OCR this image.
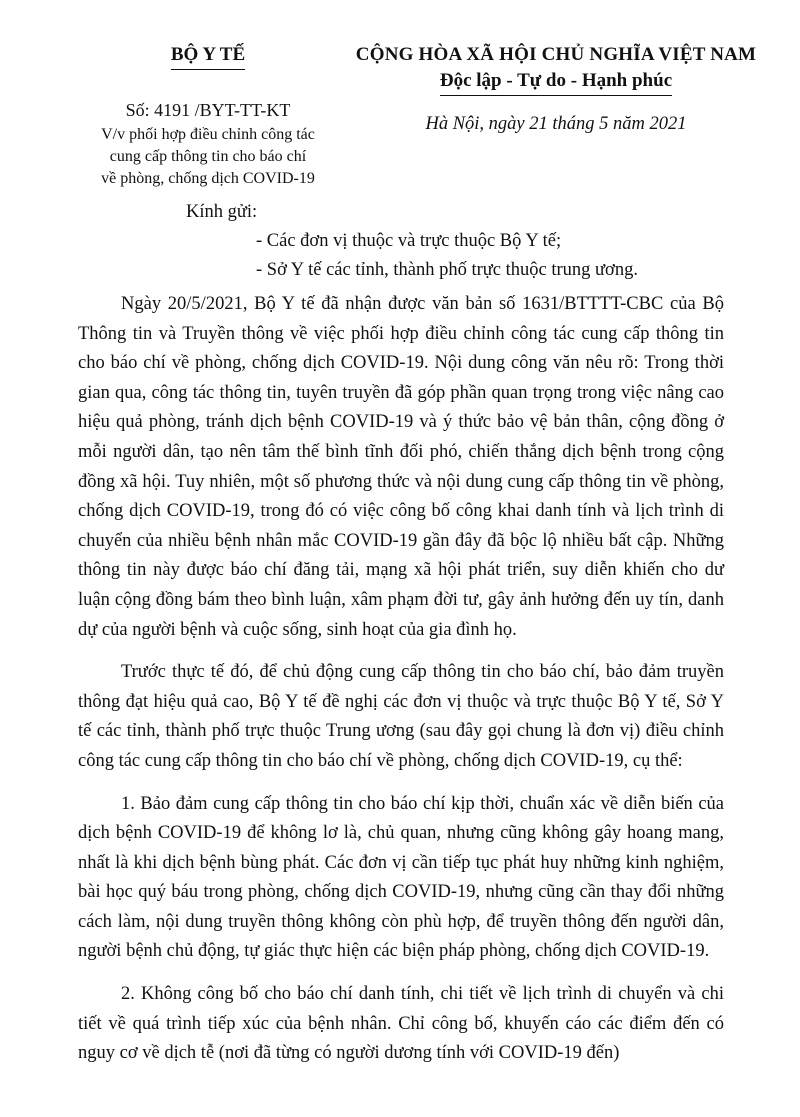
BỘ Y TẾ
Số: 4191 /BYT-TT-KT
V/v phối hợp điều chỉnh công tác
cung cấp thông tin cho báo chí
về phòng, chống dịch COVID-19
CỘNG HÒA XÃ HỘI CHỦ NGHĨA VIỆT NAM
Độc lập - Tự do - Hạnh phúc
Hà Nội, ngày 21 tháng 5 năm 2021
Kính gửi:
- Các đơn vị thuộc và trực thuộc Bộ Y tế;
- Sở Y tế các tỉnh, thành phố trực thuộc trung ương.

Ngày 20/5/2021, Bộ Y tế đã nhận được văn bản số 1631/BTTTT-CBC của Bộ Thông tin và Truyền thông về việc phối hợp điều chỉnh công tác cung cấp thông tin cho báo chí về phòng, chống dịch COVID-19. Nội dung công văn nêu rõ: Trong thời gian qua, công tác thông tin, tuyên truyền đã góp phần quan trọng trong việc nâng cao hiệu quả phòng, tránh dịch bệnh COVID-19 và ý thức bảo vệ bản thân, cộng đồng ở mỗi người dân, tạo nên tâm thế bình tĩnh đối phó, chiến thắng dịch bệnh trong cộng đồng xã hội. Tuy nhiên, một số phương thức và nội dung cung cấp thông tin về phòng, chống dịch COVID-19, trong đó có việc công bố công khai danh tính và lịch trình di chuyển của nhiều bệnh nhân mắc COVID-19 gần đây đã bộc lộ nhiều bất cập. Những thông tin này được báo chí đăng tải, mạng xã hội phát triển, suy diễn khiến cho dư luận cộng đồng bám theo bình luận, xâm phạm đời tư, gây ảnh hưởng đến uy tín, danh dự của người bệnh và cuộc sống, sinh hoạt của gia đình họ.

Trước thực tế đó, để chủ động cung cấp thông tin cho báo chí, bảo đảm truyền thông đạt hiệu quả cao, Bộ Y tế đề nghị các đơn vị thuộc và trực thuộc Bộ Y tế, Sở Y tế các tỉnh, thành phố trực thuộc Trung ương (sau đây gọi chung là đơn vị) điều chỉnh công tác cung cấp thông tin cho báo chí về phòng, chống dịch COVID-19, cụ thể:

1. Bảo đảm cung cấp thông tin cho báo chí kịp thời, chuẩn xác về diễn biến của dịch bệnh COVID-19 để không lơ là, chủ quan, nhưng cũng không gây hoang mang, nhất là khi dịch bệnh bùng phát. Các đơn vị cần tiếp tục phát huy những kinh nghiệm, bài học quý báu trong phòng, chống dịch COVID-19, nhưng cũng cần thay đổi những cách làm, nội dung truyền thông không còn phù hợp, để truyền thông đến người dân, người bệnh chủ động, tự giác thực hiện các biện pháp phòng, chống dịch COVID-19.

2. Không công bố cho báo chí danh tính, chi tiết về lịch trình di chuyển và chi tiết về quá trình tiếp xúc của bệnh nhân. Chỉ công bố, khuyến cáo các điểm đến có nguy cơ về dịch tễ (nơi đã từng có người dương tính với COVID-19 đến)
